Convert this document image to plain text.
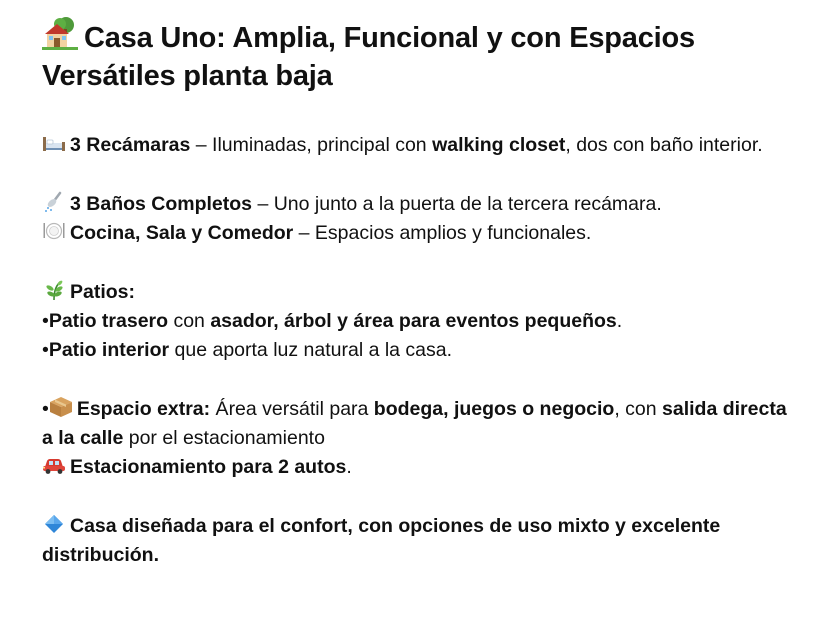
Casa Uno: Amplia, Funcional y con Espacios Versátiles planta baja

3 Recámaras – Iluminadas, principal con walking closet, dos con baño interior.

3 Baños Completos – Uno junto a la puerta de la tercera recámara.

Cocina, Sala y Comedor – Espacios amplios y funcionales.

Patios:

•Patio trasero con asador, árbol y área para eventos pequeños.

•Patio interior que aporta luz natural a la casa.

• Espacio extra: Área versátil para bodega, juegos o negocio, con salida directa a la calle por el estacionamiento

Estacionamiento para 2 autos.

Casa diseñada para el confort, con opciones de uso mixto y excelente distribución.
